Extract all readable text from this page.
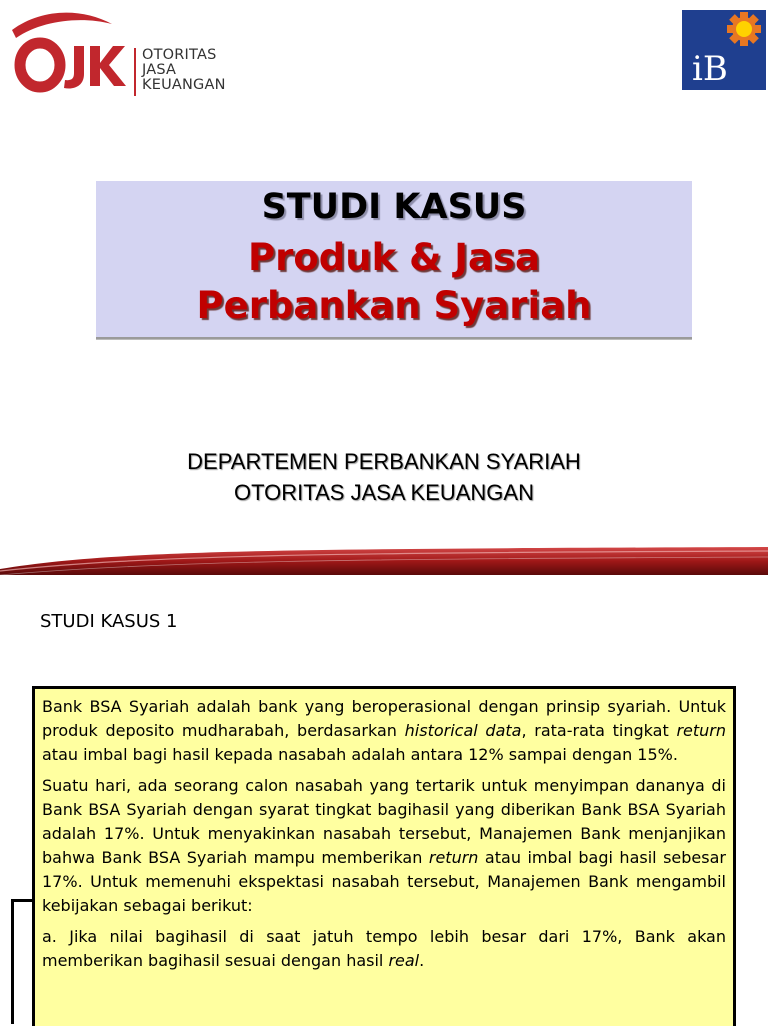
OTORITAS
JASA
KEUANGAN	iB
STUDI KASUS
Produk & Jasa
Perbankan Syariah
DEPARTEMEN PERBANKAN SYARIAH
OTORITAS JASA KEUANGAN
STUDI KASUS 1

Bank BSA Syariah adalah bank yang beroperasional dengan prinsip syariah. Untuk produk deposito mudharabah, berdasarkan historical data, rata-rata tingkat return atau imbal bagi hasil kepada nasabah adalah antara 12% sampai dengan 15%.

Suatu hari, ada seorang calon nasabah yang tertarik untuk menyimpan dananya di Bank BSA Syariah dengan syarat tingkat bagihasil yang diberikan Bank BSA Syariah adalah 17%. Untuk menyakinkan nasabah tersebut, Manajemen Bank menjanjikan bahwa Bank BSA Syariah mampu memberikan return atau imbal bagi hasil sebesar 17%. Untuk memenuhi ekspektasi nasabah tersebut, Manajemen Bank mengambil kebijakan sebagai berikut:

a. Jika nilai bagihasil di saat jatuh tempo lebih besar dari 17%, Bank akan memberikan bagihasil sesuai dengan hasil real.
